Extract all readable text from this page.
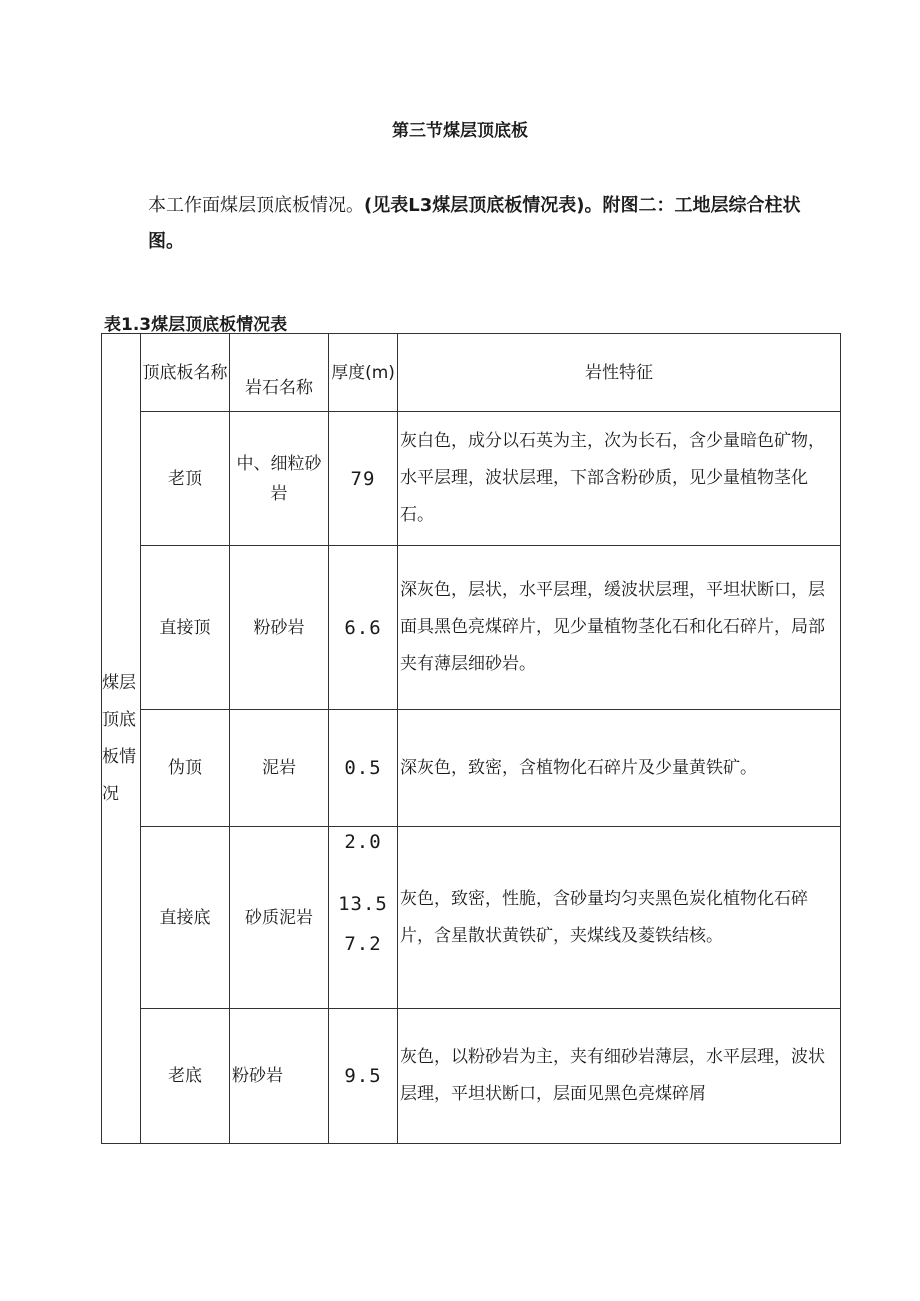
第三节煤层顶底板
本工作面煤层顶底板情况。(见表L3煤层顶底板情况表)。附图二：工地层综合柱状
图。
表1.3煤层顶底板情况表
煤层顶底板情况	顶底板名称	岩石名称	厚度(m)	岩性特征
	老顶	中、细粒砂岩	79	灰白色，成分以石英为主，次为长石，含少量暗色矿物，水平层理，波状层理，下部含粉砂质，见少量植物茎化石。
	直接顶	粉砂岩	6.6	深灰色，层状，水平层理，缓波状层理，平坦状断口，层面具黑色亮煤碎片，见少量植物茎化石和化石碎片，局部夹有薄层细砂岩。
	伪顶	泥岩	0.5	深灰色，致密，含植物化石碎片及少量黄铁矿。
	直接底	砂质泥岩	2.0
13.5
7.2	灰色，致密，性脆，含砂量均匀夹黑色炭化植物化石碎片，含星散状黄铁矿，夹煤线及菱铁结核。
	老底	粉砂岩	9.5	灰色，以粉砂岩为主，夹有细砂岩薄层，水平层理，波状层理，平坦状断口，层面见黑色亮煤碎屑
